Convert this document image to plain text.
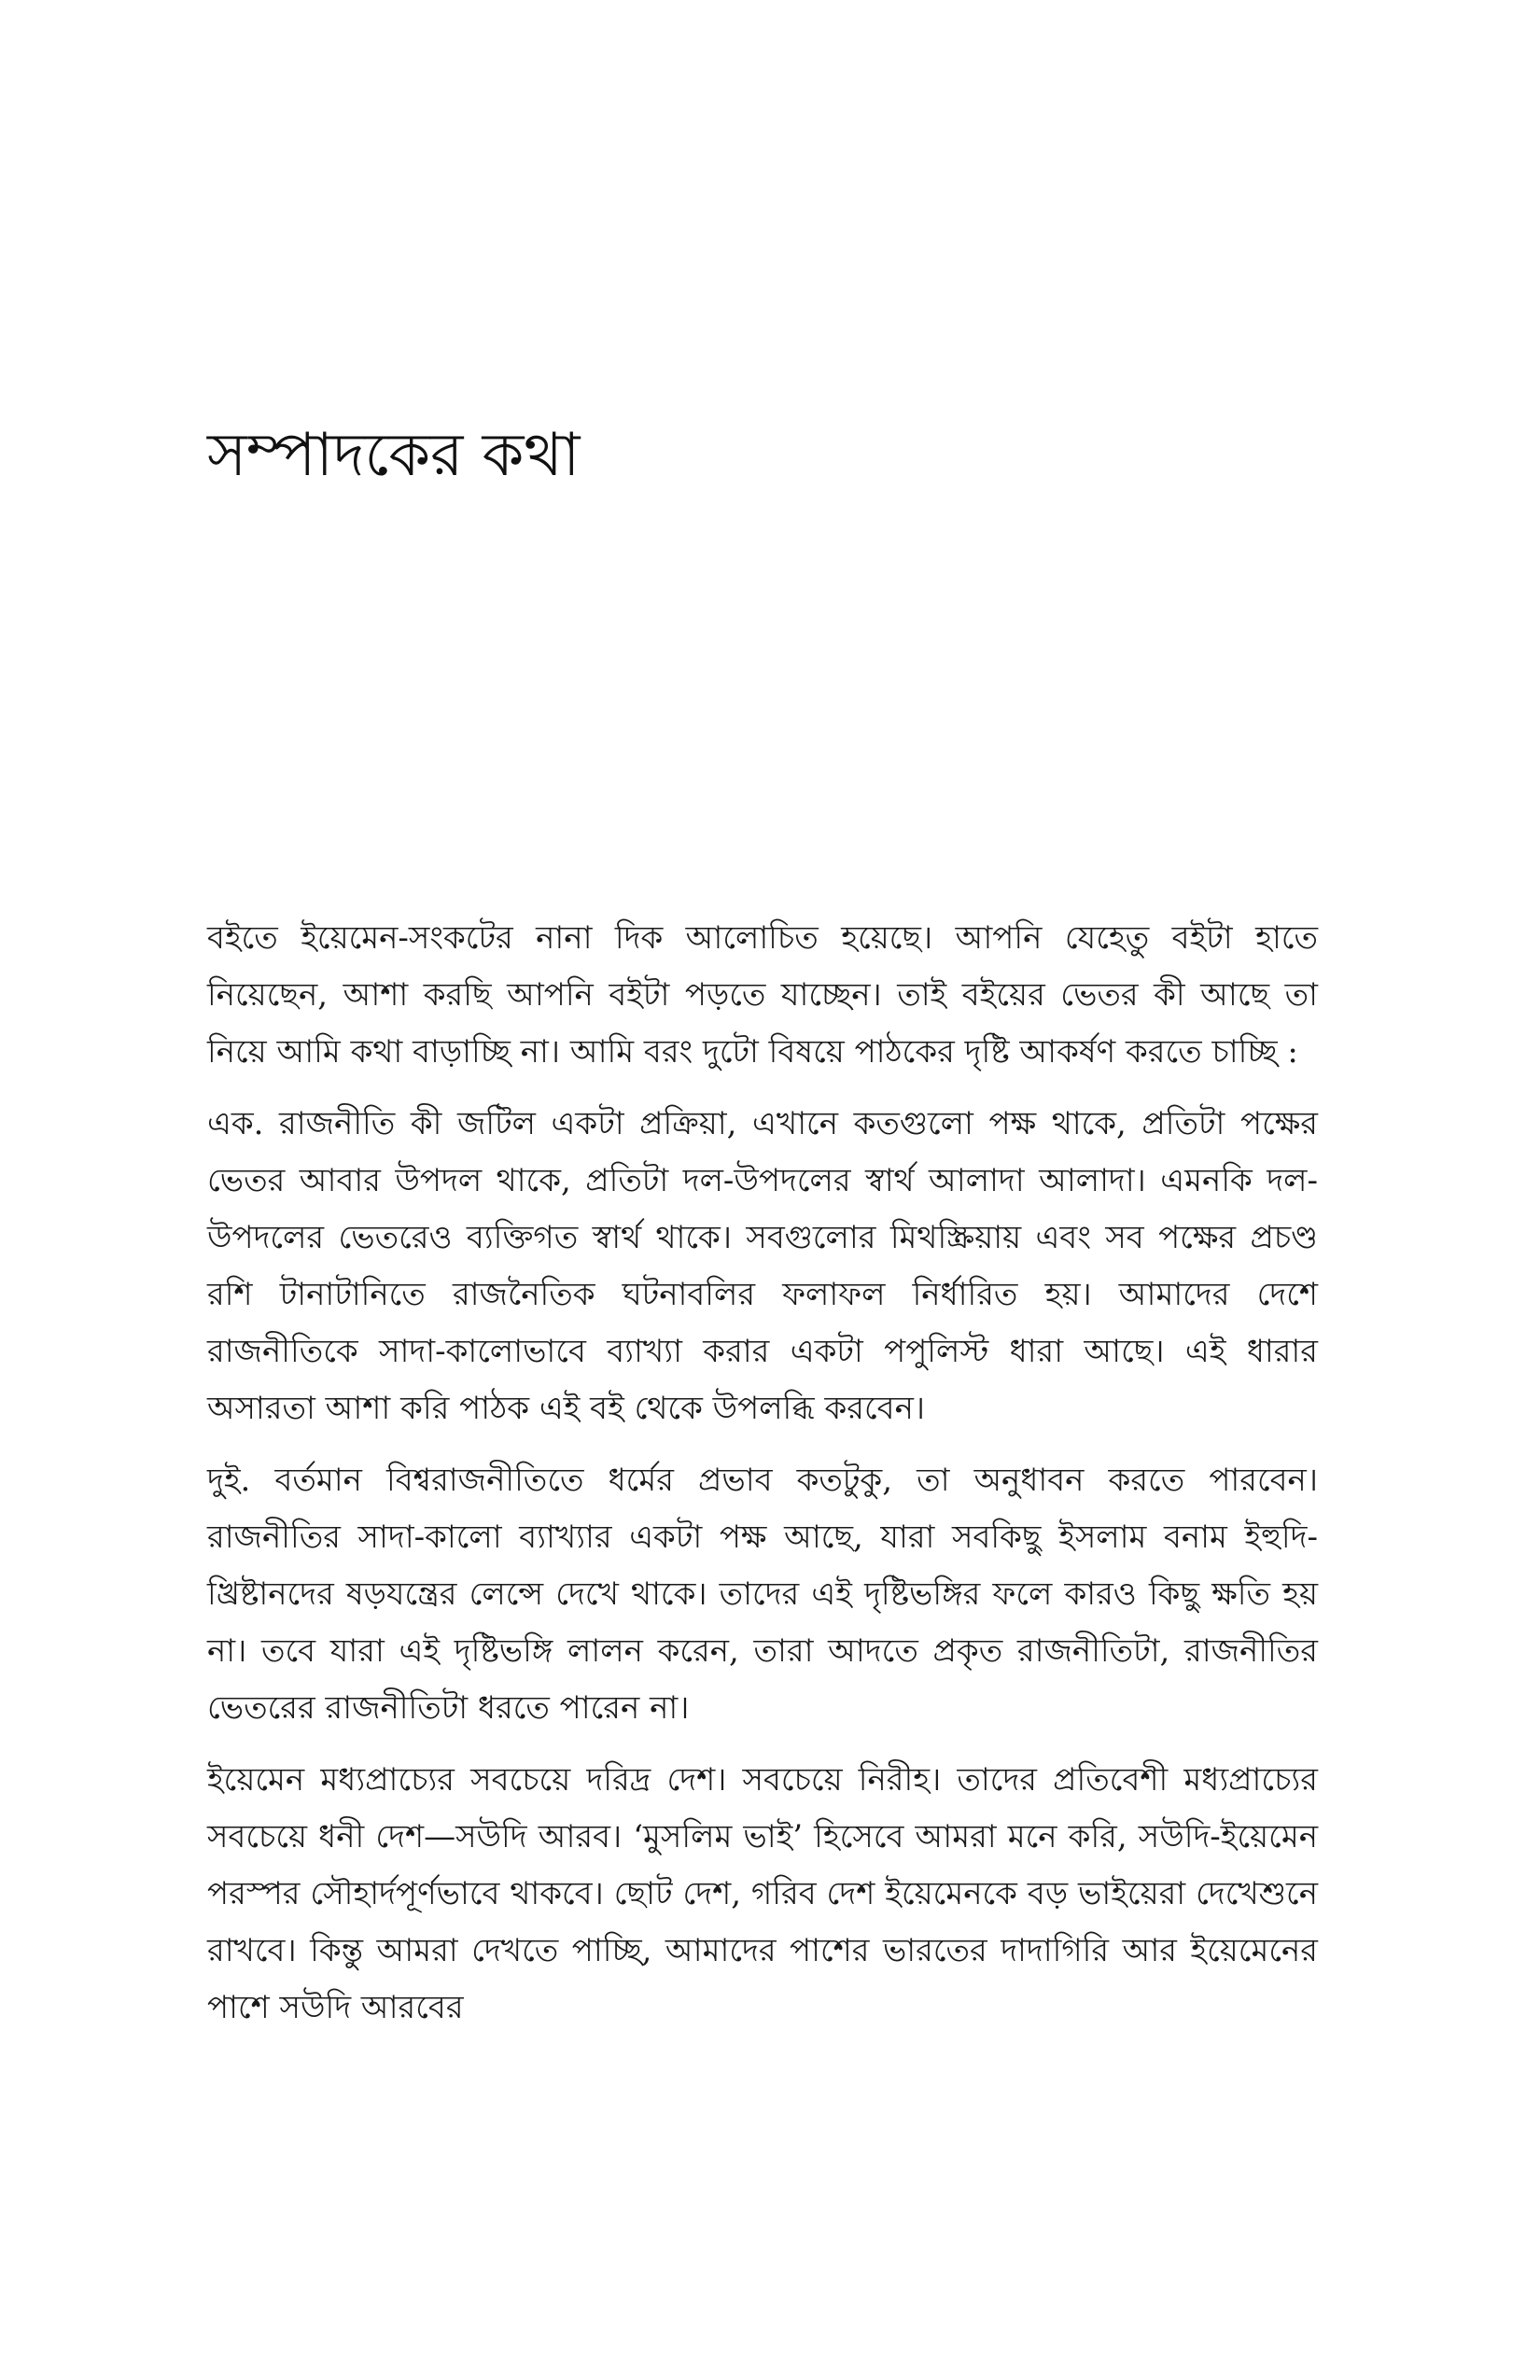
সম্পাদকের কথা

বইতে ইয়েমেন-সংকটের নানা দিক আলোচিত হয়েছে। আপনি যেহেতু বইটা হাতে নিয়েছেন, আশা করছি আপনি বইটা পড়তে যাচ্ছেন। তাই বইয়ের ভেতর কী আছে তা নিয়ে আমি কথা বাড়াচ্ছি না। আমি বরং দুটো বিষয়ে পাঠকের দৃষ্টি আকর্ষণ করতে চাচ্ছি :

এক. রাজনীতি কী জটিল একটা প্রক্রিয়া, এখানে কতগুলো পক্ষ থাকে, প্রতিটা পক্ষের ভেতর আবার উপদল থাকে, প্রতিটা দল-উপদলের স্বার্থ আলাদা আলাদা। এমনকি দল-উপদলের ভেতরেও ব্যক্তিগত স্বার্থ থাকে। সবগুলোর মিথস্ক্রিয়ায় এবং সব পক্ষের প্রচণ্ড রশি টানাটানিতে রাজনৈতিক ঘটনাবলির ফলাফল নির্ধারিত হয়। আমাদের দেশে রাজনীতিকে সাদা-কালোভাবে ব্যাখ্যা করার একটা পপুলিস্ট ধারা আছে। এই ধারার অসারতা আশা করি পাঠক এই বই থেকে উপলব্ধি করবেন।

দুই. বর্তমান বিশ্বরাজনীতিতে ধর্মের প্রভাব কতটুকু, তা অনুধাবন করতে পারবেন। রাজনীতির সাদা-কালো ব্যাখ্যার একটা পক্ষ আছে, যারা সবকিছু ইসলাম বনাম ইহুদি-খ্রিষ্টানদের ষড়যন্ত্রের লেন্সে দেখে থাকে। তাদের এই দৃষ্টিভঙ্গির ফলে কারও কিছু ক্ষতি হয় না। তবে যারা এই দৃষ্টিভঙ্গি লালন করেন, তারা আদতে প্রকৃত রাজনীতিটা, রাজনীতির ভেতরের রাজনীতিটা ধরতে পারেন না।

ইয়েমেন মধ্যপ্রাচ্যের সবচেয়ে দরিদ্র দেশ। সবচেয়ে নিরীহ। তাদের প্রতিবেশী মধ্যপ্রাচ্যের সবচেয়ে ধনী দেশ—সউদি আরব। ‘মুসলিম ভাই’ হিসেবে আমরা মনে করি, সউদি-ইয়েমেন পরস্পর সৌহার্দপূর্ণভাবে থাকবে। ছোট দেশ, গরিব দেশ ইয়েমেনকে বড় ভাইয়েরা দেখেশুনে রাখবে। কিন্তু আমরা দেখতে পাচ্ছি, আমাদের পাশের ভারতের দাদাগিরি আর ইয়েমেনের পাশে সউদি আরবের
